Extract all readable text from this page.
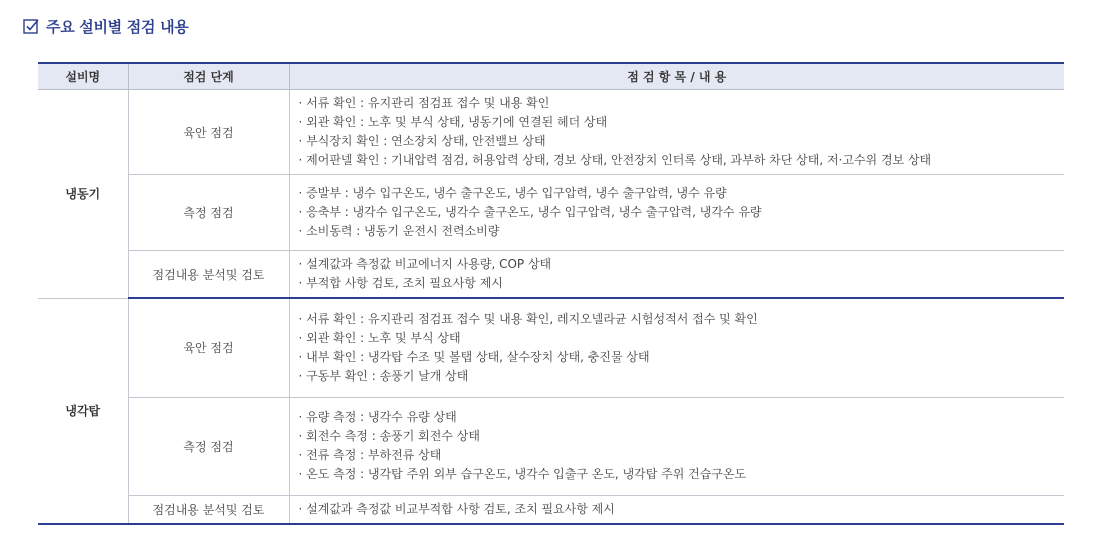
주요 설비별 점검 내용
설비명	점검 단계	점 검 항 목 / 내 용
냉동기	육안 점검	· 서류 확인 : 유지관리 점검표 접수 및 내용 확인
· 외관 확인 : 노후 및 부식 상태, 냉동기에 연결된 헤더 상태
· 부식장치 확인 : 연소장치 상태, 안전밸브 상태
· 제어판넬 확인 : 기내압력 점검, 허용압력 상태, 경보 상태, 안전장치 인터록 상태, 과부하 차단 상태, 저·고수위 경보 상태

	측정 점검	· 증발부 : 냉수 입구온도, 냉수 출구온도, 냉수 입구압력, 냉수 출구압력, 냉수 유량
· 응축부 : 냉각수 입구온도, 냉각수 출구온도, 냉수 입구압력, 냉수 출구압력, 냉각수 유량
· 소비동력 : 냉동기 운전시 전력소비량

	점검내용 분석및 검토	· 설계값과 측정값 비교에너지 사용량, COP 상태
· 부적합 사항 검토, 조치 필요사항 제시

냉각탑	육안 점검	· 서류 확인 : 유지관리 점검표 접수 및 내용 확인, 레지오넬라균 시험성적서 접수 및 확인
· 외관 확인 : 노후 및 부식 상태
· 내부 확인 : 냉각탑 수조 및 볼탭 상태, 살수장치 상태, 충진물 상태
· 구동부 확인 : 송풍기 날개 상태

	측정 점검	· 유량 측정 : 냉각수 유량 상태
· 회전수 측정 : 송풍기 회전수 상태
· 전류 측정 : 부하전류 상태
· 온도 측정 : 냉각탑 주위 외부 습구온도, 냉각수 입출구 온도, 냉각탑 주위 건습구온도

	점검내용 분석및 검토	· 설계값과 측정값 비교부적합 사항 검토, 조치 필요사항 제시
